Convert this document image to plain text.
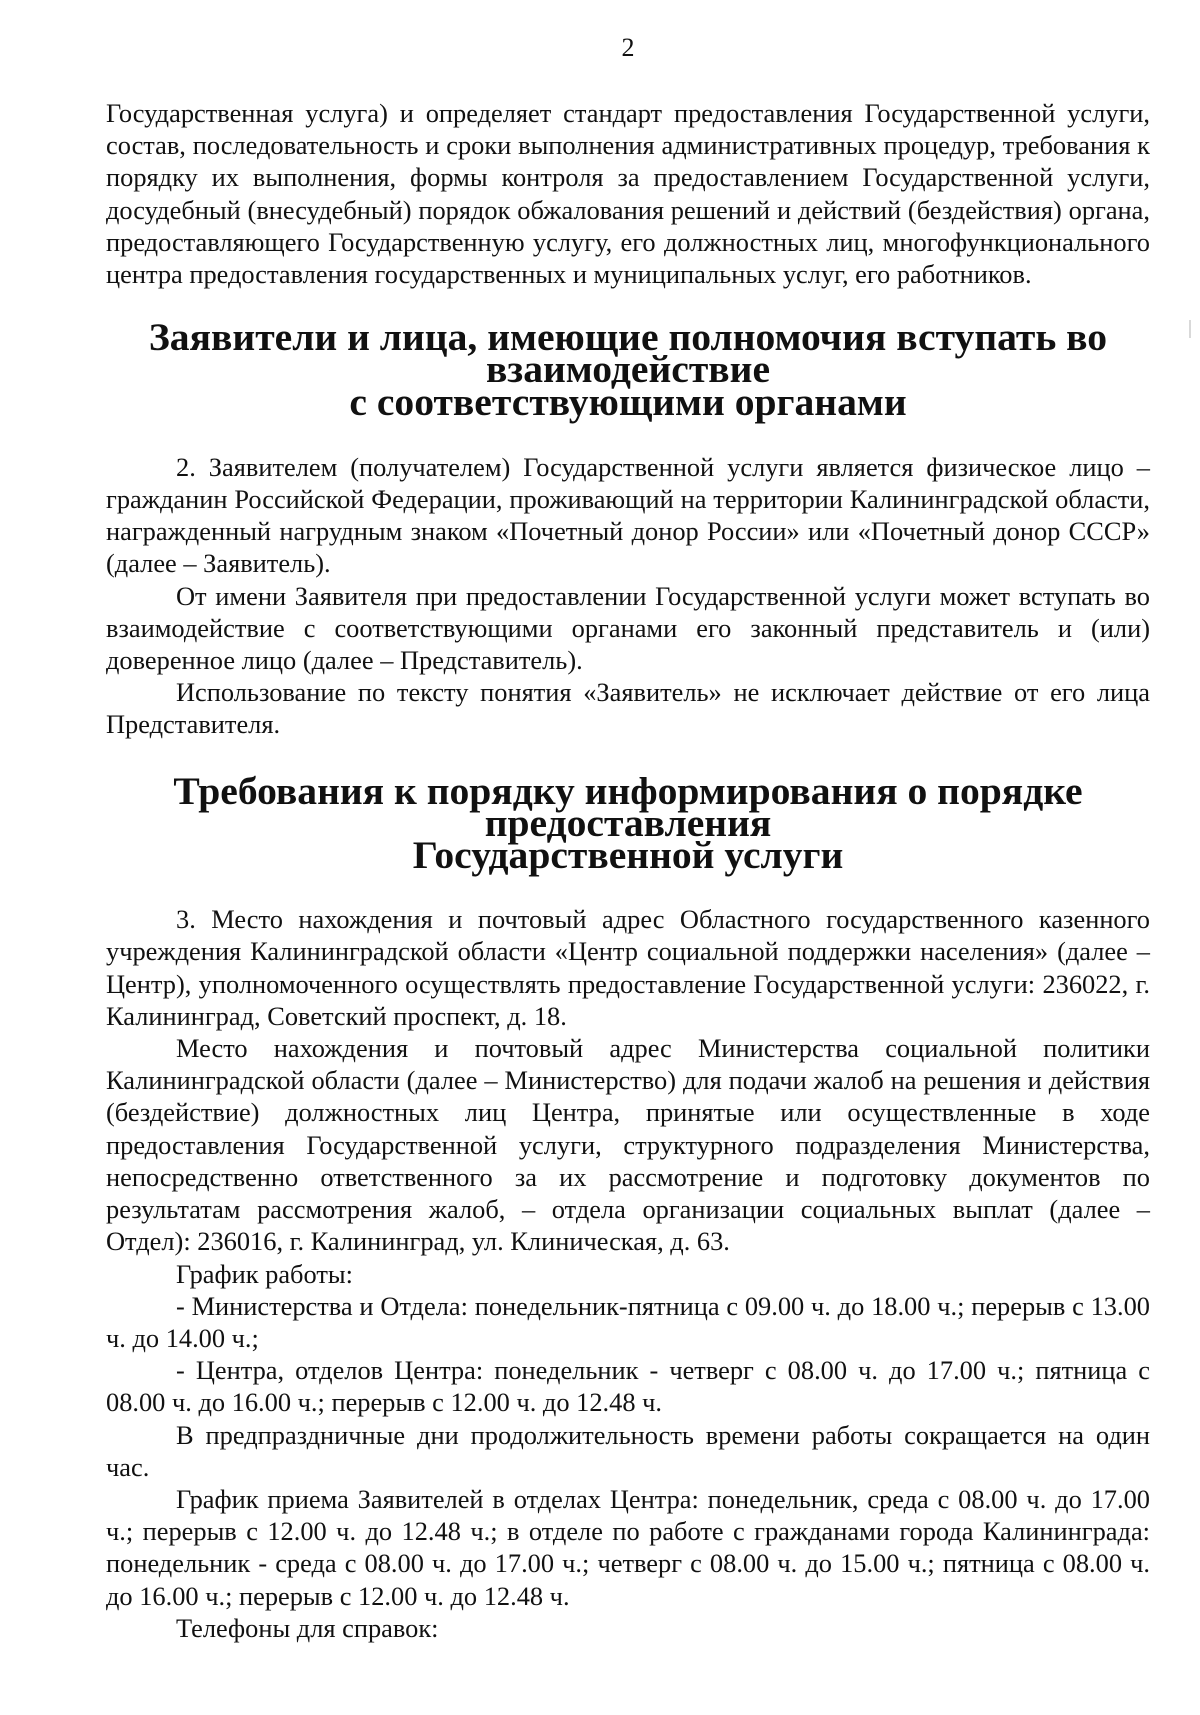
2

Государственная услуга) и определяет стандарт предоставления Государственной услуги, состав, последовательность и сроки выполнения административных процедур, требования к порядку их выполнения, формы контроля за предоставлением Государственной услуги, досудебный (внесудебный) порядок обжалования решений и действий (бездействия) органа, предоставляющего Государственную услугу, его должностных лиц, многофункционального центра предоставления государственных и муниципальных услуг, его работников.

Заявители и лица, имеющие полномочия вступать во взаимодействие
с соответствующими органами

2. Заявителем (получателем) Государственной услуги является физическое лицо – гражданин Российской Федерации, проживающий на территории Калининградской области, награжденный нагрудным знаком «Почетный донор России» или «Почетный донор СССР» (далее – Заявитель).

От имени Заявителя при предоставлении Государственной услуги может вступать во взаимодействие с соответствующими органами его законный представитель и (или) доверенное лицо (далее – Представитель).

Использование по тексту понятия «Заявитель» не исключает действие от его лица Представителя.

Требования к порядку информирования о порядке предоставления
Государственной услуги

3. Место нахождения и почтовый адрес Областного государственного казенного учреждения Калининградской области «Центр социальной поддержки населения» (далее – Центр), уполномоченного осуществлять предоставление Государственной услуги: 236022, г. Калининград, Советский проспект, д. 18.

Место нахождения и почтовый адрес Министерства социальной политики Калининградской области (далее – Министерство) для подачи жалоб на решения и действия (бездействие) должностных лиц Центра, принятые или осуществленные в ходе предоставления Государственной услуги, структурного подразделения Министерства, непосредственно ответственного за их рассмотрение и подготовку документов по результатам рассмотрения жалоб, – отдела организации социальных выплат (далее – Отдел): 236016, г. Калининград, ул. Клиническая, д. 63.

График работы:

- Министерства и Отдела: понедельник-пятница с 09.00 ч. до 18.00 ч.; перерыв с 13.00 ч. до 14.00 ч.;

- Центра, отделов Центра: понедельник - четверг с 08.00 ч. до 17.00 ч.; пятница с 08.00 ч. до 16.00 ч.; перерыв с 12.00 ч. до 12.48 ч.

В предпраздничные дни продолжительность времени работы сокращается на один час.

График приема Заявителей в отделах Центра: понедельник, среда с 08.00 ч. до 17.00 ч.; перерыв с 12.00 ч. до 12.48 ч.; в отделе по работе с гражданами города Калининграда: понедельник - среда с 08.00 ч. до 17.00 ч.; четверг с 08.00 ч. до 15.00 ч.; пятница с 08.00 ч. до 16.00 ч.; перерыв с 12.00 ч. до 12.48 ч.

Телефоны для справок:
